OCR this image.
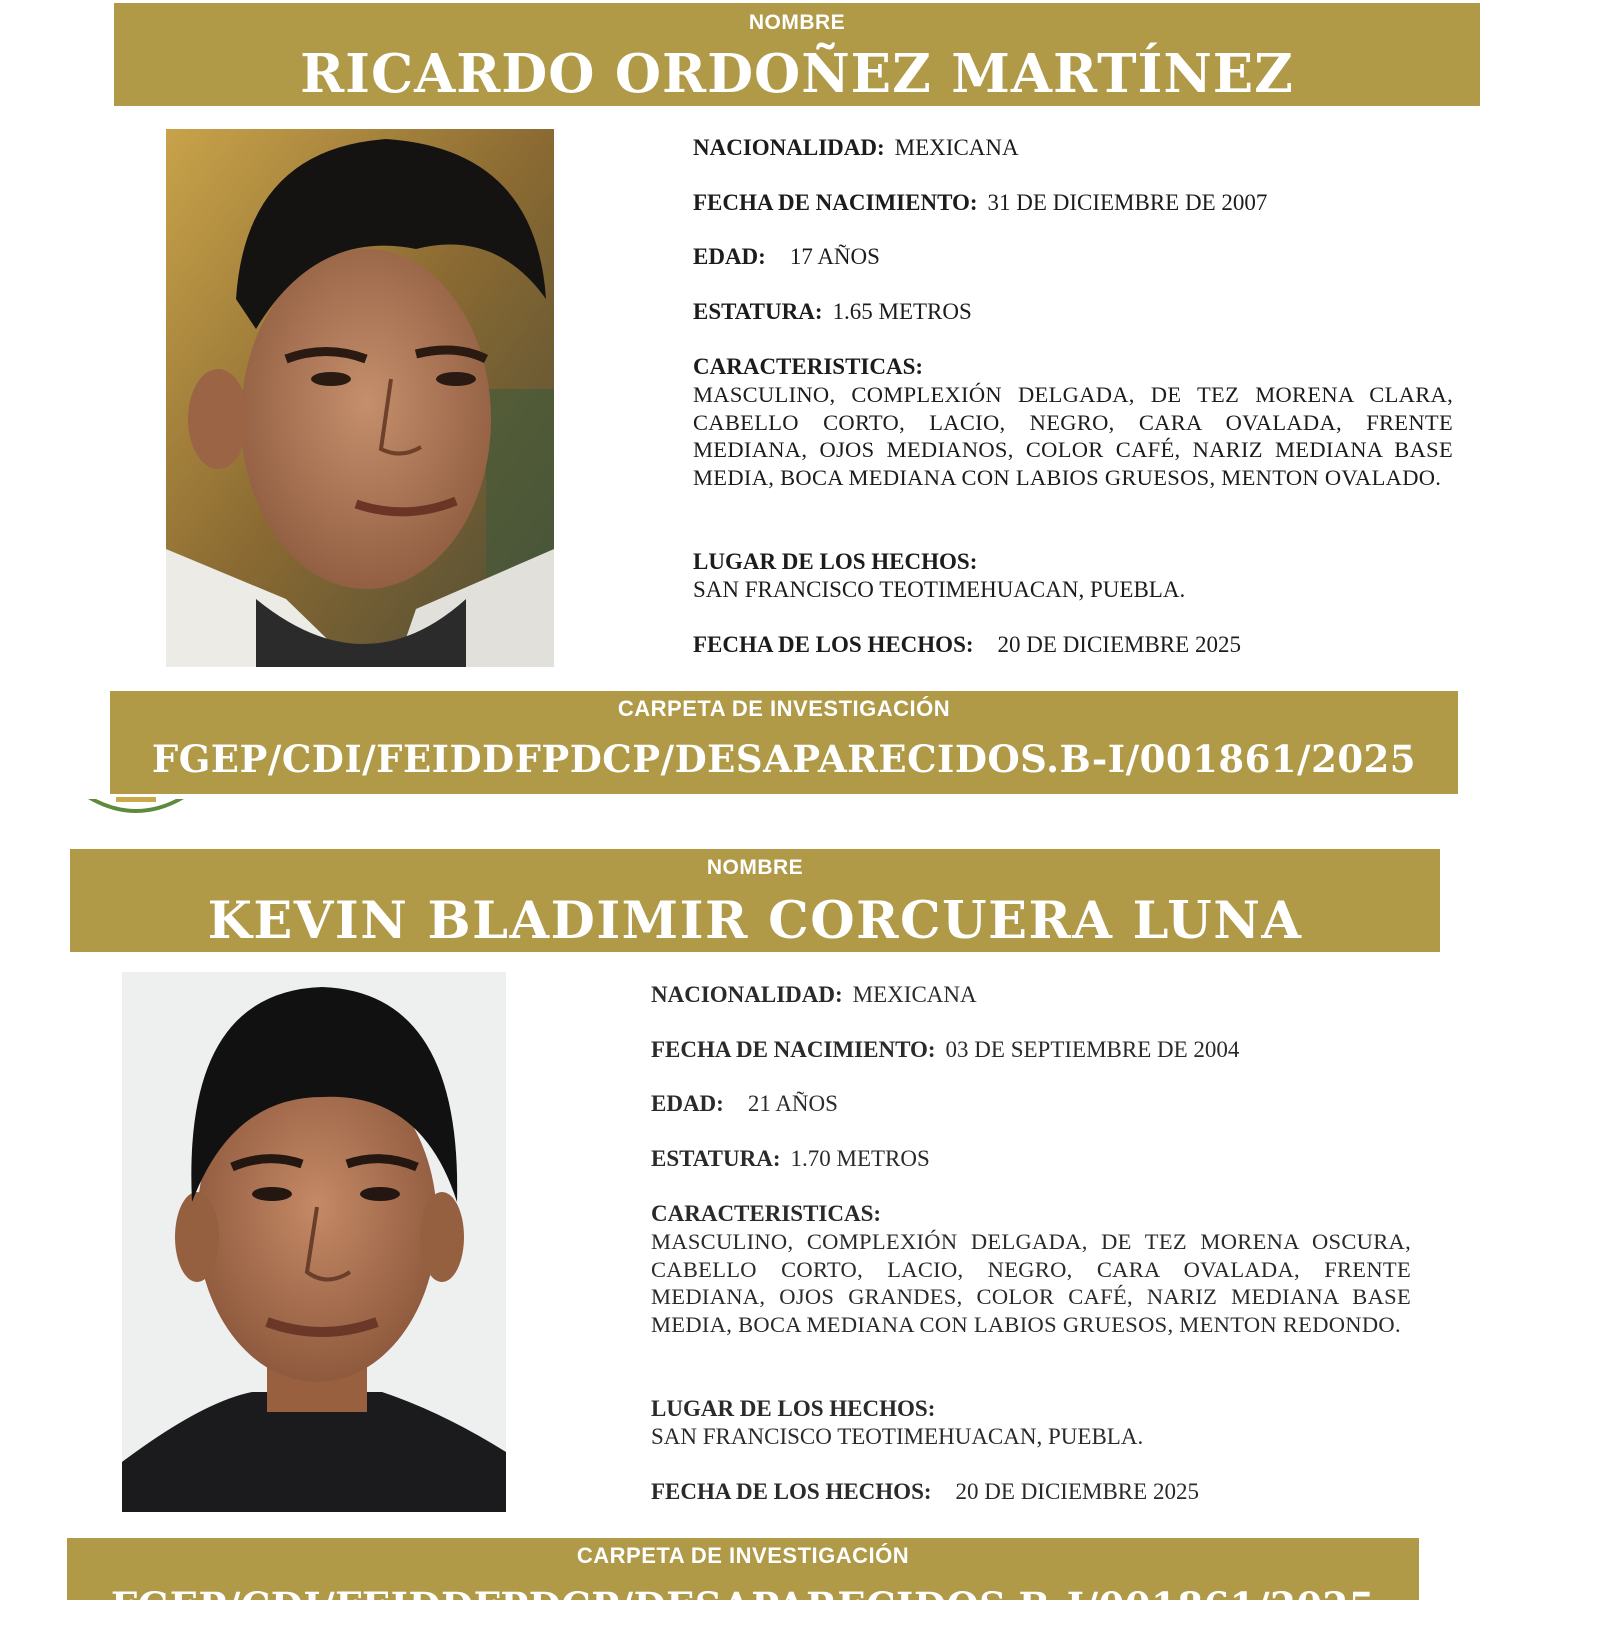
NOMBRE
RICARDO ORDOÑEZ MARTÍNEZ
NACIONALIDAD: MEXICANA
FECHA DE NACIMIENTO: 31 DE DICIEMBRE DE 2007
EDAD: 17 AÑOS
ESTATURA: 1.65 METROS
CARACTERISTICAS:
MASCULINO, COMPLEXIÓN DELGADA, DE TEZ MORENA CLARA, CABELLO CORTO, LACIO, NEGRO, CARA OVALADA, FRENTE MEDIANA, OJOS MEDIANOS, COLOR CAFÉ, NARIZ MEDIANA BASE MEDIA, BOCA MEDIANA CON LABIOS GRUESOS, MENTON OVALADO.
LUGAR DE LOS HECHOS:
SAN FRANCISCO TEOTIMEHUACAN, PUEBLA.
FECHA DE LOS HECHOS: 20 DE DICIEMBRE 2025
CARPETA DE INVESTIGACIÓN
FGEP/CDI/FEIDDFPDCP/DESAPARECIDOS.B-I/001861/2025
NOMBRE
KEVIN BLADIMIR CORCUERA LUNA
NACIONALIDAD: MEXICANA
FECHA DE NACIMIENTO: 03 DE SEPTIEMBRE DE 2004
EDAD: 21 AÑOS
ESTATURA: 1.70 METROS
CARACTERISTICAS:
MASCULINO, COMPLEXIÓN DELGADA, DE TEZ MORENA OSCURA, CABELLO CORTO, LACIO, NEGRO, CARA OVALADA, FRENTE MEDIANA, OJOS GRANDES, COLOR CAFÉ, NARIZ MEDIANA BASE MEDIA, BOCA MEDIANA CON LABIOS GRUESOS, MENTON REDONDO.
LUGAR DE LOS HECHOS:
SAN FRANCISCO TEOTIMEHUACAN, PUEBLA.
FECHA DE LOS HECHOS: 20 DE DICIEMBRE 2025
CARPETA DE INVESTIGACIÓN
FGEP/CDI/FEIDDFPDCP/DESAPARECIDOS.B-I/001861/2025
